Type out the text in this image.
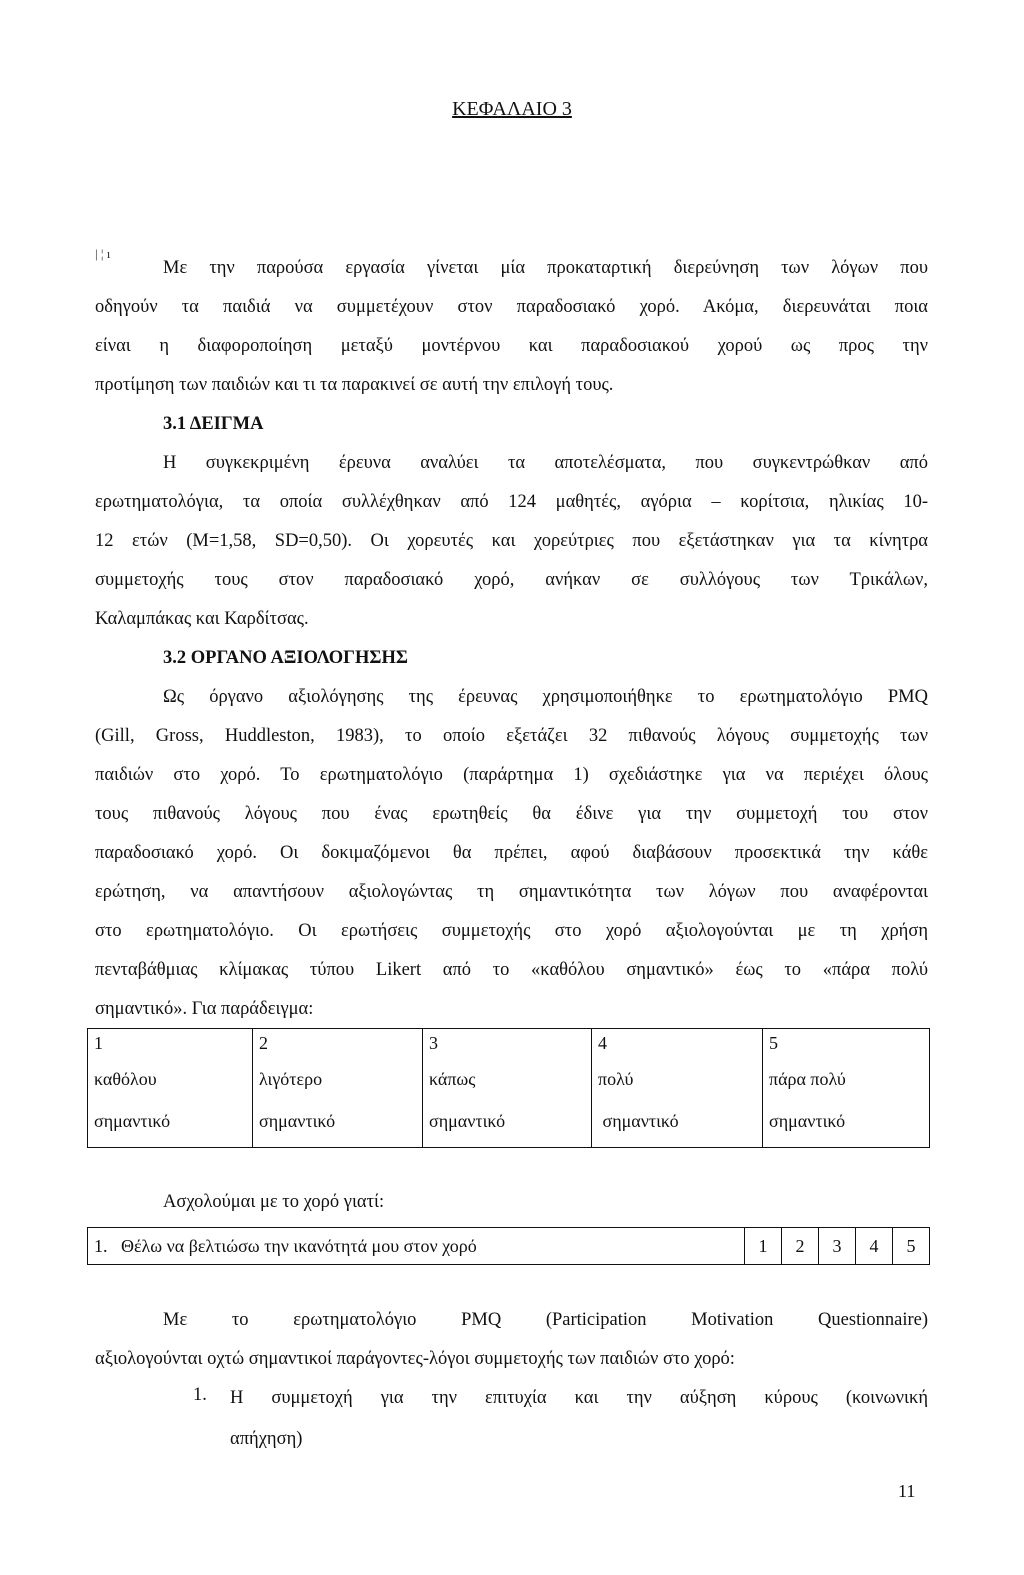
ΚΕΦΑΛΑΙΟ 3
| ¦ ı
Με την παρούσα εργασία γίνεται μία προκαταρτική διερεύνηση των λόγων που
οδηγούν τα παιδιά να συμμετέχουν στον παραδοσιακό χορό. Ακόμα, διερευνάται ποια
είναι η διαφοροποίηση μεταξύ μοντέρνου και παραδοσιακού χορού ως προς την
προτίμηση των παιδιών και τι τα παρακινεί σε αυτή την επιλογή τους.
3.1 ΔΕΙΓΜΑ
Η συγκεκριμένη έρευνα αναλύει τα αποτελέσματα, που συγκεντρώθκαν από
ερωτηματολόγια, τα οποία συλλέχθηκαν από 124 μαθητές, αγόρια – κορίτσια, ηλικίας 10-
12 ετών (Μ=1,58, SD=0,50). Οι χορευτές και χορεύτριες που εξετάστηκαν για τα κίνητρα
συμμετοχής τους στον παραδοσιακό χορό, ανήκαν σε συλλόγους των Τρικάλων,
Καλαμπάκας και Καρδίτσας.
3.2 ΟΡΓΑΝΟ ΑΞΙΟΛΟΓΗΣΗΣ
Ως όργανο αξιολόγησης της έρευνας χρησιμοποιήθηκε το ερωτηματολόγιο PMQ
(Gill, Gross, Huddleston, 1983), το οποίο εξετάζει 32 πιθανούς λόγους συμμετοχής των
παιδιών στο χορό. Το ερωτηματολόγιο (παράρτημα 1) σχεδιάστηκε για να περιέχει όλους
τους πιθανούς λόγους που ένας ερωτηθείς θα έδινε για την συμμετοχή του στον
παραδοσιακό χορό. Οι δοκιμαζόμενοι θα πρέπει, αφού διαβάσουν προσεκτικά την κάθε
ερώτηση, να απαντήσουν αξιολογώντας τη σημαντικότητα των λόγων που αναφέρονται
στο ερωτηματολόγιο. Οι ερωτήσεις συμμετοχής στο χορό αξιολογούνται με τη χρήση
πενταβάθμιας κλίμακας τύπου Likert από το «καθόλου σημαντικό» έως το «πάρα πολύ
σημαντικό». Για παράδειγμα:
1	2	3	4	5
καθόλου	λιγότερο	κάπως	πολύ	πάρα πολύ
σημαντικό	σημαντικό	σημαντικό	σημαντικό	σημαντικό
Ασχολούμαι με το χορό γιατί:
1. Θέλω να βελτιώσω την ικανότητά μου στον χορό		1	2	3	4	5
Με το ερωτηματολόγιο PMQ (Participation Motivation Questionnaire)
αξιολογούνται οχτώ σημαντικοί παράγοντες-λόγοι συμμετοχής των παιδιών στο χορό:
1. Η συμμετοχή για την επιτυχία και την αύξηση κύρους (κοινωνική
απήχηση)
11
